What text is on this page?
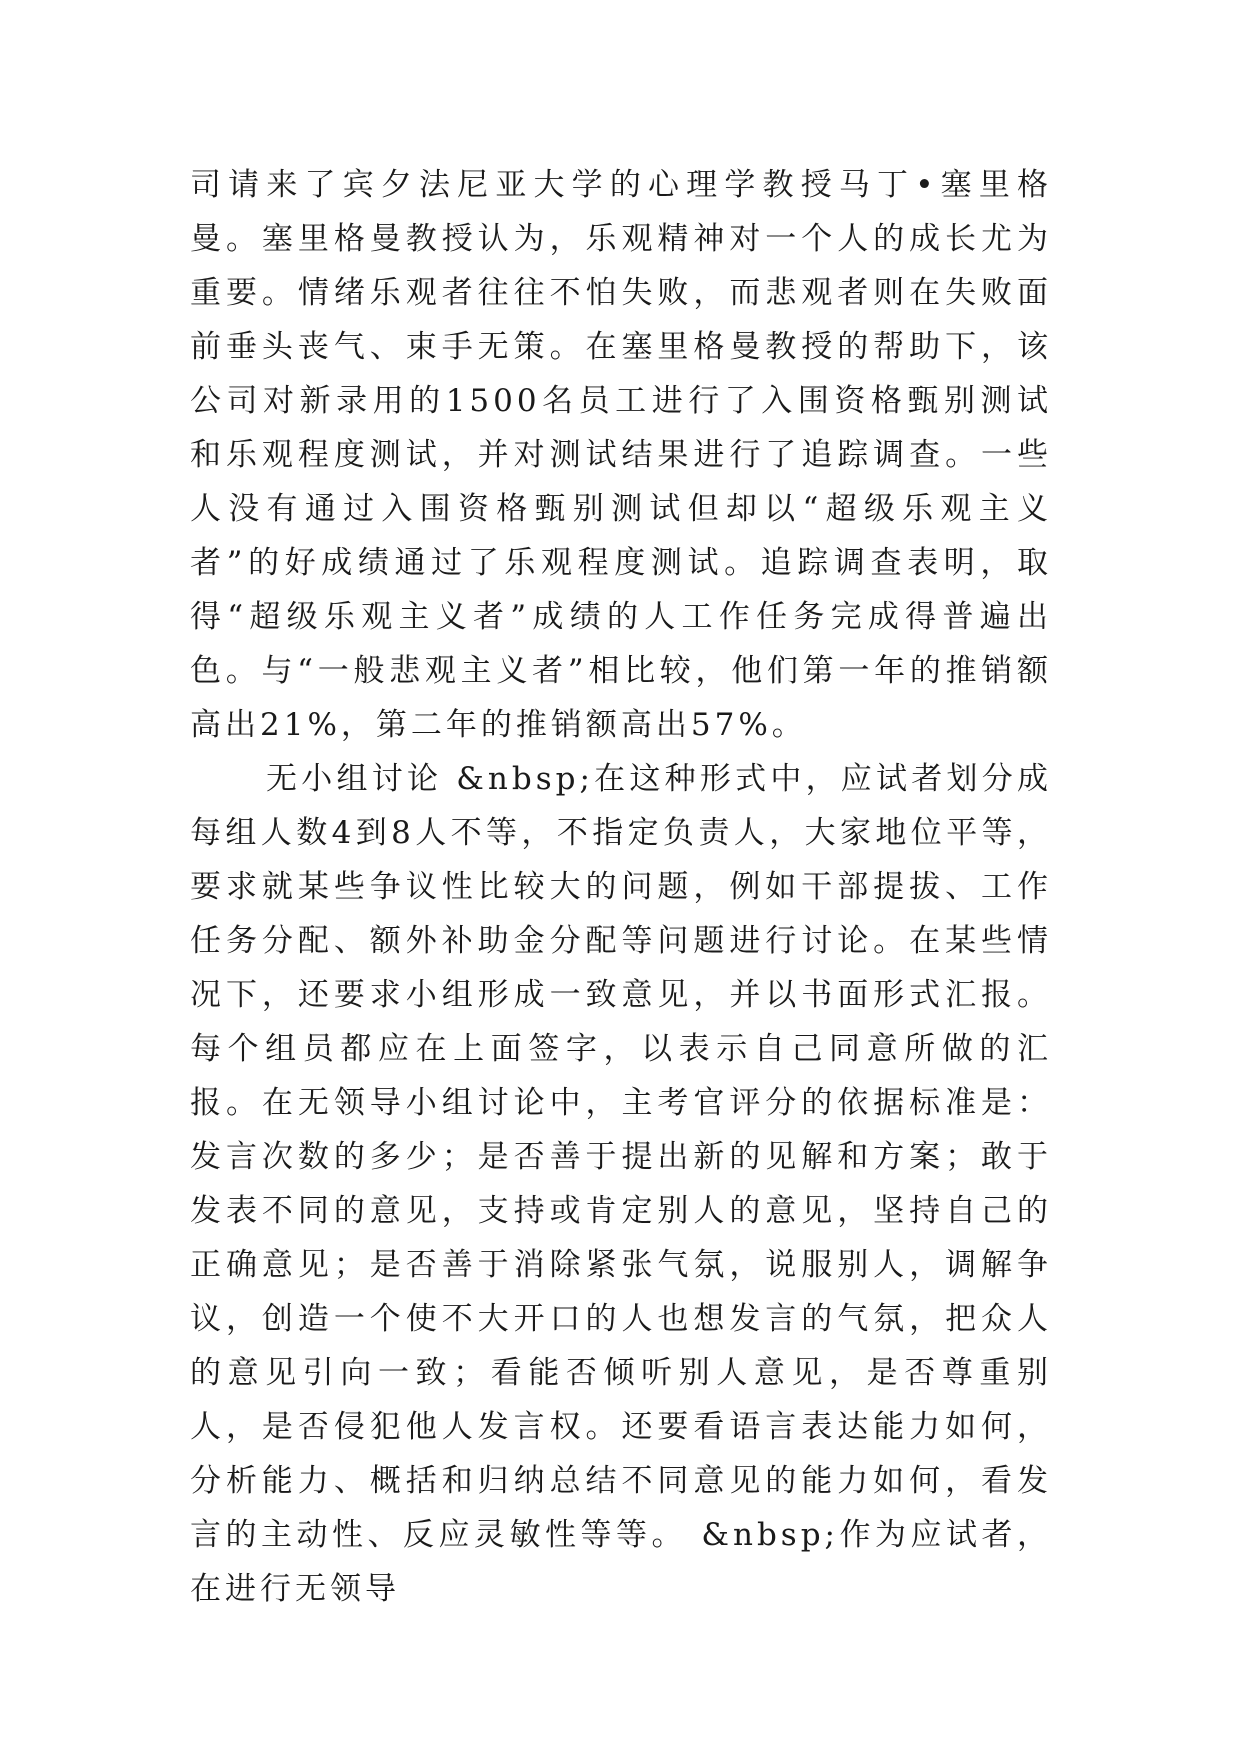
司请来了宾夕法尼亚大学的心理学教授马丁•塞里格曼。塞里格曼教授认为，乐观精神对一个人的成长尤为重要。情绪乐观者往往不怕失败，而悲观者则在失败面前垂头丧气、束手无策。在塞里格曼教授的帮助下，该公司对新录用的1500名员工进行了入围资格甄别测试和乐观程度测试，并对测试结果进行了追踪调查。一些人没有通过入围资格甄别测试但却以“超级乐观主义者”的好成绩通过了乐观程度测试。追踪调查表明，取得“超级乐观主义者”成绩的人工作任务完成得普遍出色。与“一般悲观主义者”相比较，他们第一年的推销额高出21%，第二年的推销额高出57%。

无小组讨论 &nbsp;在这种形式中，应试者划分成每组人数4到8人不等，不指定负责人，大家地位平等，要求就某些争议性比较大的问题，例如干部提拔、工作任务分配、额外补助金分配等问题进行讨论。在某些情况下，还要求小组形成一致意见，并以书面形式汇报。每个组员都应在上面签字，以表示自己同意所做的汇报。在无领导小组讨论中，主考官评分的依据标准是：发言次数的多少；是否善于提出新的见解和方案；敢于发表不同的意见，支持或肯定别人的意见，坚持自己的正确意见；是否善于消除紧张气氛，说服别人，调解争议，创造一个使不大开口的人也想发言的气氛，把众人的意见引向一致；看能否倾听别人意见，是否尊重别人，是否侵犯他人发言权。还要看语言表达能力如何，分析能力、概括和归纳总结不同意见的能力如何，看发言的主动性、反应灵敏性等等。 &nbsp;作为应试者，在进行无领导
